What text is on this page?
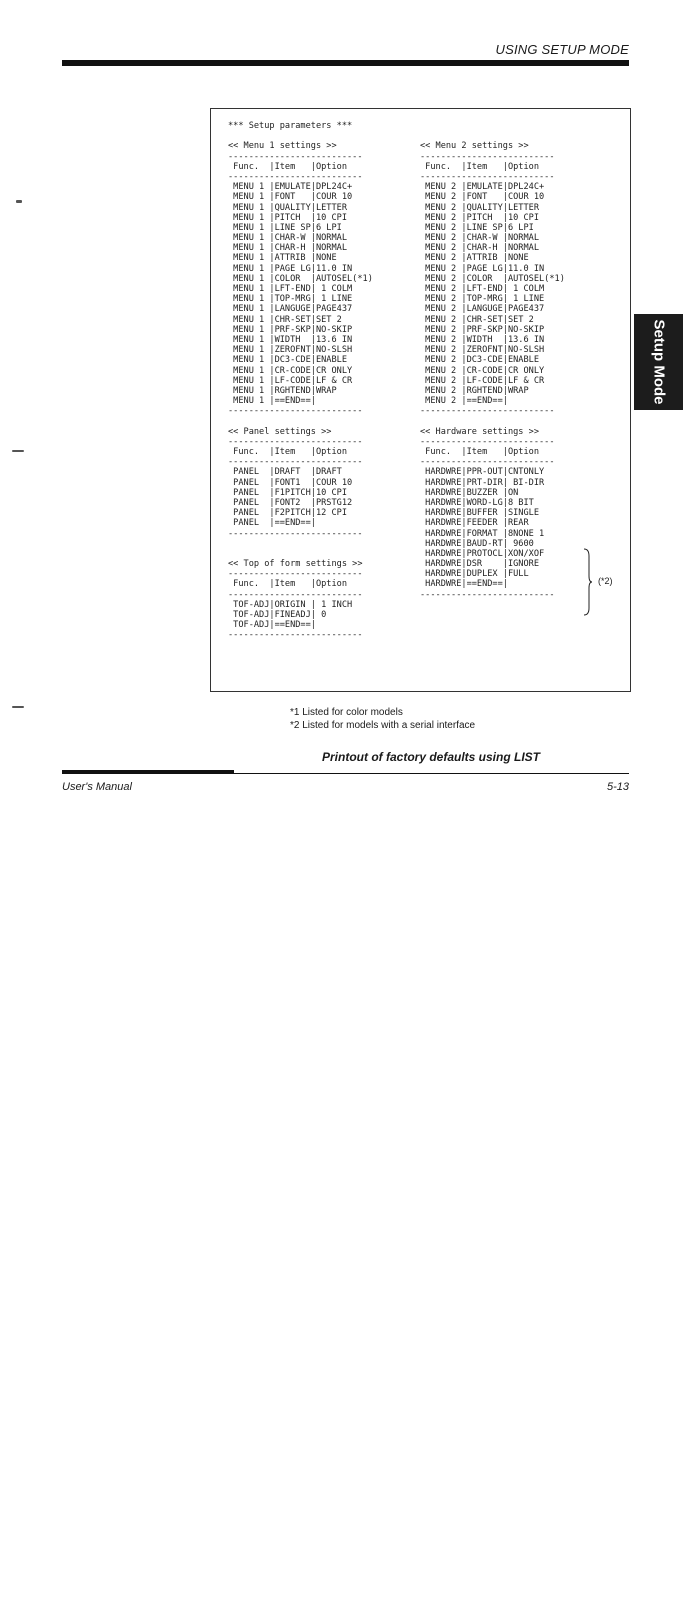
USING SETUP MODE
Setup Mode
*** Setup parameters ***
<< Menu 1 settings >>
--------------------------
Func.  |Item   |Option
--------------------------
MENU 1 |EMULATE|DPL24C+
MENU 1 |FONT   |COUR 10
MENU 1 |QUALITY|LETTER
MENU 1 |PITCH  |10 CPI
MENU 1 |LINE SP|6 LPI
MENU 1 |CHAR-W |NORMAL
MENU 1 |CHAR-H |NORMAL
MENU 1 |ATTRIB |NONE
MENU 1 |PAGE LG|11.0 IN
MENU 1 |COLOR  |AUTOSEL(*1)
MENU 1 |LFT-END| 1 COLM
MENU 1 |TOP-MRG| 1 LINE
MENU 1 |LANGUGE|PAGE437
MENU 1 |CHR-SET|SET 2
MENU 1 |PRF-SKP|NO-SKIP
MENU 1 |WIDTH  |13.6 IN
MENU 1 |ZEROFNT|NO-SLSH
MENU 1 |DC3-CDE|ENABLE
MENU 1 |CR-CODE|CR ONLY
MENU 1 |LF-CODE|LF & CR
MENU 1 |RGHTEND|WRAP
MENU 1 |==END==|
--------------------------
<< Panel settings >>
--------------------------
Func.  |Item   |Option
--------------------------
PANEL  |DRAFT  |DRAFT
PANEL  |FONT1  |COUR 10
PANEL  |F1PITCH|10 CPI
PANEL  |FONT2  |PRSTG12
PANEL  |F2PITCH|12 CPI
PANEL  |==END==|
--------------------------
<< Top of form settings >>
--------------------------
Func.  |Item   |Option
--------------------------
TOF-ADJ|ORIGIN | 1 INCH
TOF-ADJ|FINEADJ| 0
TOF-ADJ|==END==|
--------------------------
<< Menu 2 settings >>
--------------------------
Func.  |Item   |Option
--------------------------
MENU 2 |EMULATE|DPL24C+
MENU 2 |FONT   |COUR 10
MENU 2 |QUALITY|LETTER
MENU 2 |PITCH  |10 CPI
MENU 2 |LINE SP|6 LPI
MENU 2 |CHAR-W |NORMAL
MENU 2 |CHAR-H |NORMAL
MENU 2 |ATTRIB |NONE
MENU 2 |PAGE LG|11.0 IN
MENU 2 |COLOR  |AUTOSEL(*1)
MENU 2 |LFT-END| 1 COLM
MENU 2 |TOP-MRG| 1 LINE
MENU 2 |LANGUGE|PAGE437
MENU 2 |CHR-SET|SET 2
MENU 2 |PRF-SKP|NO-SKIP
MENU 2 |WIDTH  |13.6 IN
MENU 2 |ZEROFNT|NO-SLSH
MENU 2 |DC3-CDE|ENABLE
MENU 2 |CR-CODE|CR ONLY
MENU 2 |LF-CODE|LF & CR
MENU 2 |RGHTEND|WRAP
MENU 2 |==END==|
--------------------------
<< Hardware settings >>
--------------------------
Func.  |Item   |Option
--------------------------
HARDWRE|PPR-OUT|CNTONLY
HARDWRE|PRT-DIR| BI-DIR
HARDWRE|BUZZER |ON
HARDWRE|WORD-LG|8 BIT
HARDWRE|BUFFER |SINGLE
HARDWRE|FEEDER |REAR
HARDWRE|FORMAT |8NONE 1
HARDWRE|BAUD-RT| 9600
HARDWRE|PROTOCL|XON/XOF
HARDWRE|DSR    |IGNORE
HARDWRE|DUPLEX |FULL
HARDWRE|==END==|
--------------------------
(*2)
*1 Listed for color models
*2 Listed for models with a serial interface
Printout of factory defaults using LIST
User's Manual	5-13
